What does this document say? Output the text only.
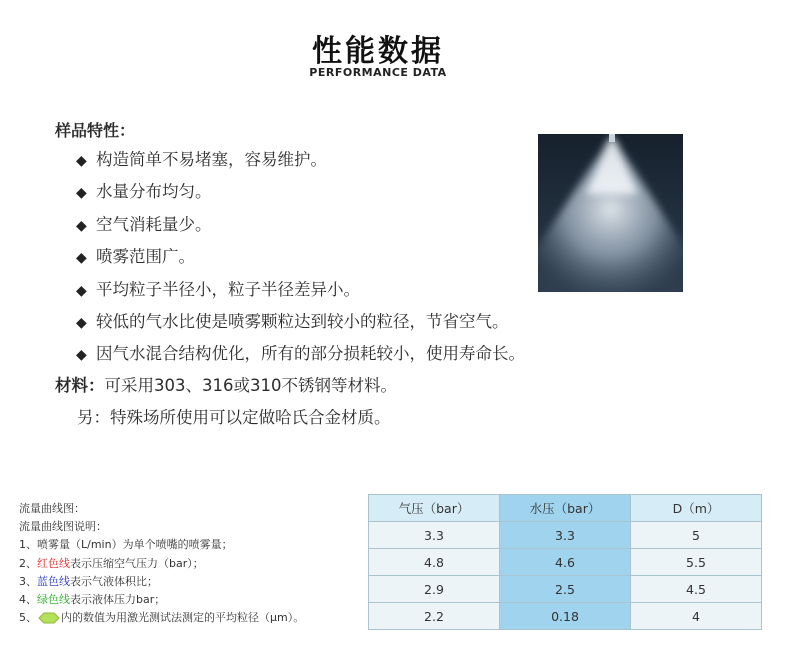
性能数据
PERFORMANCE DATA
样品特性：
◆ 构造简单不易堵塞，容易维护。
◆ 水量分布均匀。
◆ 空气消耗量少。
◆ 喷雾范围广。
◆ 平均粒子半径小，粒子半径差异小。
◆ 较低的气水比使是喷雾颗粒达到较小的粒径，节省空气。
◆ 因气水混合结构优化，所有的部分损耗较小，使用寿命长。
材料：可采用303、316或310不锈钢等材料。
另：特殊场所使用可以定做哈氏合金材质。
流量曲线图：
流量曲线图说明：
1、喷雾量（L/min）为单个喷嘴的喷雾量；
2、红色线表示压缩空气压力（bar）；
3、蓝色线表示气液体积比；
4、绿色线表示液体压力bar；
5、 内的数值为用激光测试法测定的平均粒径（μm）。
气压（bar）	水压（bar）	D（m）
3.3	3.3	5
4.8	4.6	5.5
2.9	2.5	4.5
2.2	0.18	4
